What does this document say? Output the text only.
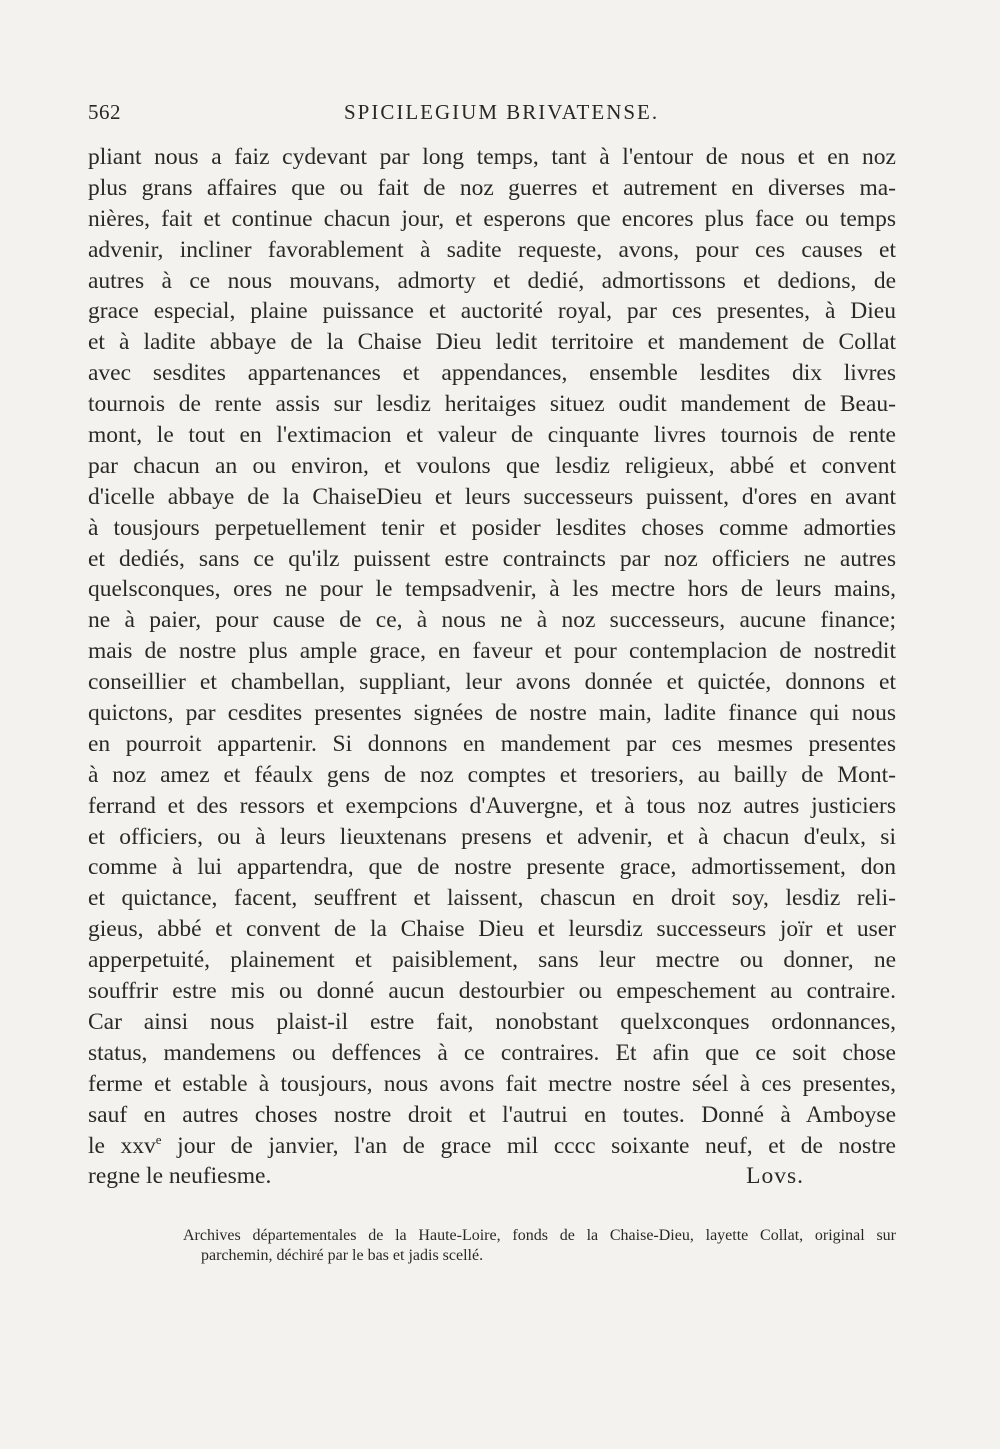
562	SPICILEGIUM BRIVATENSE.
pliant nous a faiz cydevant par long temps, tant à l'entour de nous et en noz
plus grans affaires que ou fait de noz guerres et autrement en diverses ma-
nières, fait et continue chacun jour, et esperons que encores plus face ou temps
advenir, incliner favorablement à sadite requeste, avons, pour ces causes et
autres à ce nous mouvans, admorty et dedié, admortissons et dedions, de
grace especial, plaine puissance et auctorité royal, par ces presentes, à Dieu
et à ladite abbaye de la Chaise Dieu ledit territoire et mandement de Collat
avec sesdites appartenances et appendances, ensemble lesdites dix livres
tournois de rente assis sur lesdiz heritaiges situez oudit mandement de Beau-
mont, le tout en l'extimacion et valeur de cinquante livres tournois de rente
par chacun an ou environ, et voulons que lesdiz religieux, abbé et convent
d'icelle abbaye de la ChaiseDieu et leurs successeurs puissent, d'ores en avant
à tousjours perpetuellement tenir et posider lesdites choses comme admorties
et dediés, sans ce qu'ilz puissent estre contraincts par noz officiers ne autres
quelsconques, ores ne pour le tempsadvenir, à les mectre hors de leurs mains,
ne à paier, pour cause de ce, à nous ne à noz successeurs, aucune finance;
mais de nostre plus ample grace, en faveur et pour contemplacion de nostredit
conseillier et chambellan, suppliant, leur avons donnée et quictée, donnons et
quictons, par cesdites presentes signées de nostre main, ladite finance qui nous
en pourroit appartenir. Si donnons en mandement par ces mesmes presentes
à noz amez et féaulx gens de noz comptes et tresoriers, au bailly de Mont-
ferrand et des ressors et exempcions d'Auvergne, et à tous noz autres justiciers
et officiers, ou à leurs lieuxtenans presens et advenir, et à chacun d'eulx, si
comme à lui appartendra, que de nostre presente grace, admortissement, don
et quictance, facent, seuffrent et laissent, chascun en droit soy, lesdiz reli-
gieus, abbé et convent de la Chaise Dieu et leursdiz successeurs joïr et user
apperpetuité, plainement et paisiblement, sans leur mectre ou donner, ne
souffrir estre mis ou donné aucun destourbier ou empeschement au contraire.
Car ainsi nous plaist-il estre fait, nonobstant quelxconques ordonnances,
status, mandemens ou deffences à ce contraires. Et afin que ce soit chose
ferme et estable à tousjours, nous avons fait mectre nostre séel à ces presentes,
sauf en autres choses nostre droit et l'autrui en toutes. Donné à Amboyse
le xxv$^e$ jour de janvier, l'an de grace mil cccc soixante neuf, et de nostre
regne le neufiesme.	Lovs.
Archives départementales de la Haute-Loire, fonds de la Chaise-Dieu, layette Collat, original sur
parchemin, déchiré par le bas et jadis scellé.
